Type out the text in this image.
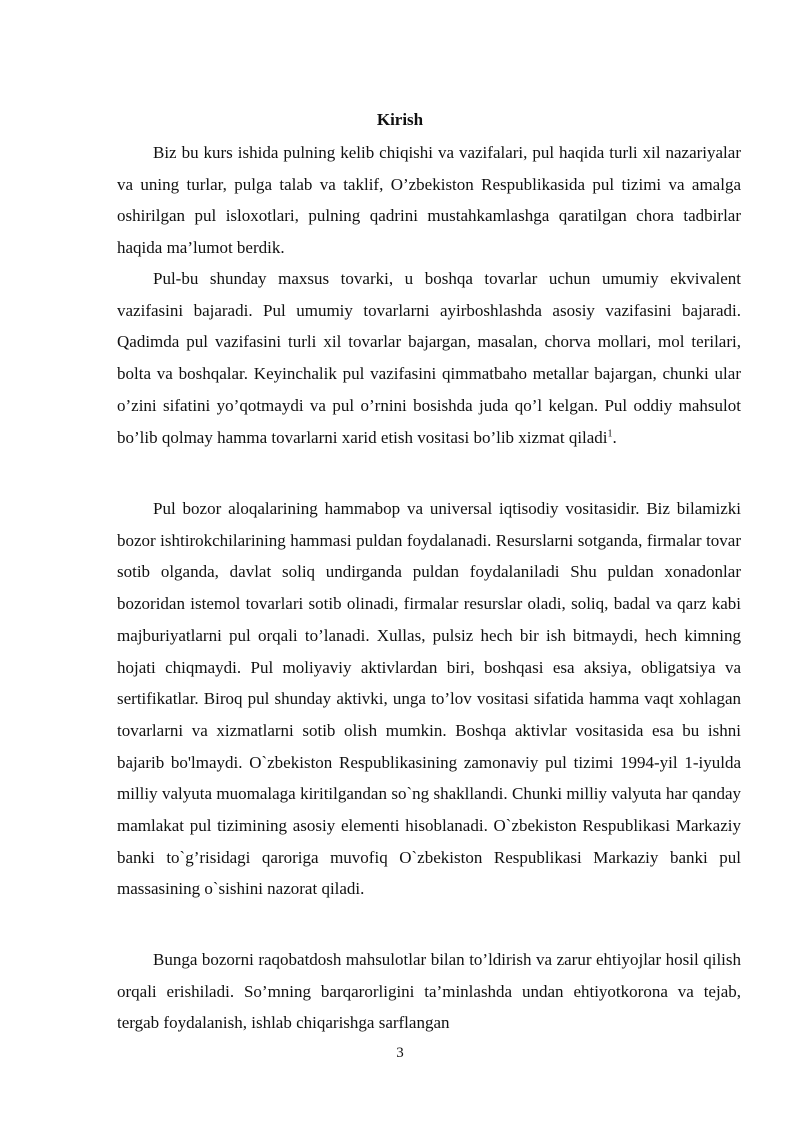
Kirish

Biz bu kurs ishida pulning kelib chiqishi va vazifalari, pul haqida turli xil nazariyalar va uning turlar, pulga talab va taklif, O’zbekiston Respublikasida pul tizimi va amalga oshirilgan pul isloxotlari, pulning qadrini mustahkamlashga qaratilgan chora tadbirlar haqida ma’lumot berdik.

Pul-bu shunday maxsus tovarki, u boshqa tovarlar uchun umumiy ekvivalent vazifasini bajaradi. Pul umumiy tovarlarni ayirboshlashda asosiy vazifasini bajaradi. Qadimda pul vazifasini turli xil tovarlar bajargan, masalan, chorva mollari, mol terilari, bolta va boshqalar. Keyinchalik pul vazifasini qimmatbaho metallar bajargan, chunki ular o’zini sifatini yo’qotmaydi va pul o’rnini bosishda juda qo’l kelgan. Pul oddiy mahsulot bo’lib qolmay hamma tovarlarni xarid etish vositasi bo’lib xizmat qiladi$^1$.

Pul bozor aloqalarining hammabop va universal iqtisodiy vositasidir. Biz bilamizki bozor ishtirokchilarining hammasi puldan foydalanadi. Resurslarni sotganda, firmalar tovar sotib olganda, davlat soliq undirganda puldan foydalaniladi Shu puldan xonadonlar bozoridan istemol tovarlari sotib olinadi, firmalar resurslar oladi, soliq, badal va qarz kabi majburiyatlarni pul orqali to’lanadi. Xullas, pulsiz hech bir ish bitmaydi, hech kimning hojati chiqmaydi. Pul moliyaviy aktivlardan biri, boshqasi esa aksiya, obligatsiya va sertifikatlar. Biroq pul shunday aktivki, unga to’lov vositasi sifatida hamma vaqt xohlagan tovarlarni va xizmatlarni sotib olish mumkin. Boshqa aktivlar vositasida esa bu ishni bajarib bo'lmaydi. O`zbekiston Respublikasining zamonaviy pul tizimi 1994-yil 1-iyulda milliy valyuta muomalaga kiritilgandan so`ng shakllandi. Chunki milliy valyuta har qanday mamlakat pul tizimining asosiy elementi hisoblanadi. O`zbekiston Respublikasi Markaziy banki to`g’risidagi qaroriga muvofiq O`zbekiston Respublikasi Markaziy banki pul massasining o`sishini nazorat qiladi.

Bunga bozorni raqobatdosh mahsulotlar bilan to’ldirish va zarur ehtiyojlar hosil qilish orqali erishiladi. So’mning barqarorligini ta’minlashda undan ehtiyotkorona va tejab, tergab foydalanish, ishlab chiqarishga sarflangan

3
